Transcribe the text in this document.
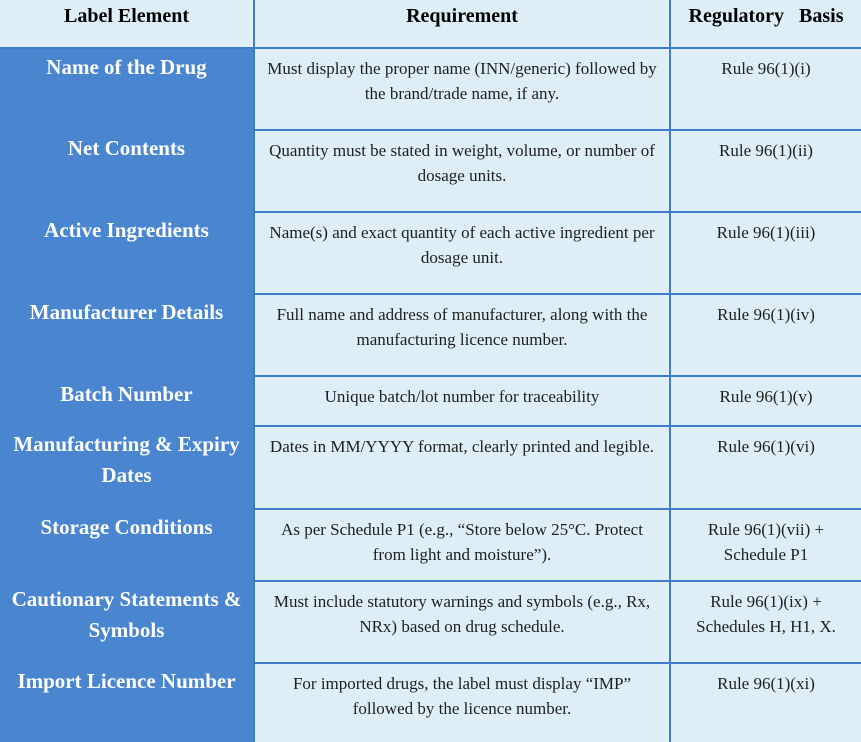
Label Element	Requirement	Regulatory   Basis
Name of the Drug	Must display the proper name (INN/generic) followed by the brand/trade name, if any.	Rule 96(1)(i)
Net Contents	Quantity must be stated in weight, volume, or number of dosage units.	Rule 96(1)(ii)
Active Ingredients	Name(s) and exact quantity of each active ingredient per dosage unit.	Rule 96(1)(iii)
Manufacturer Details	Full name and address of manufacturer, along with the manufacturing licence number.	Rule 96(1)(iv)
Batch Number	Unique batch/lot number for traceability	Rule 96(1)(v)
Manufacturing & Expiry Dates	Dates in MM/YYYY format, clearly printed and legible.	Rule 96(1)(vi)
Storage Conditions	As per Schedule P1 (e.g., “Store below 25°C. Protect from light and moisture”).	Rule 96(1)(vii) + Schedule P1
Cautionary Statements & Symbols	Must include statutory warnings and symbols (e.g., Rx, NRx) based on drug schedule.	Rule 96(1)(ix) + Schedules H, H1, X.
Import Licence Number	For imported drugs, the label must display “IMP” followed by the licence number.	Rule 96(1)(xi)
